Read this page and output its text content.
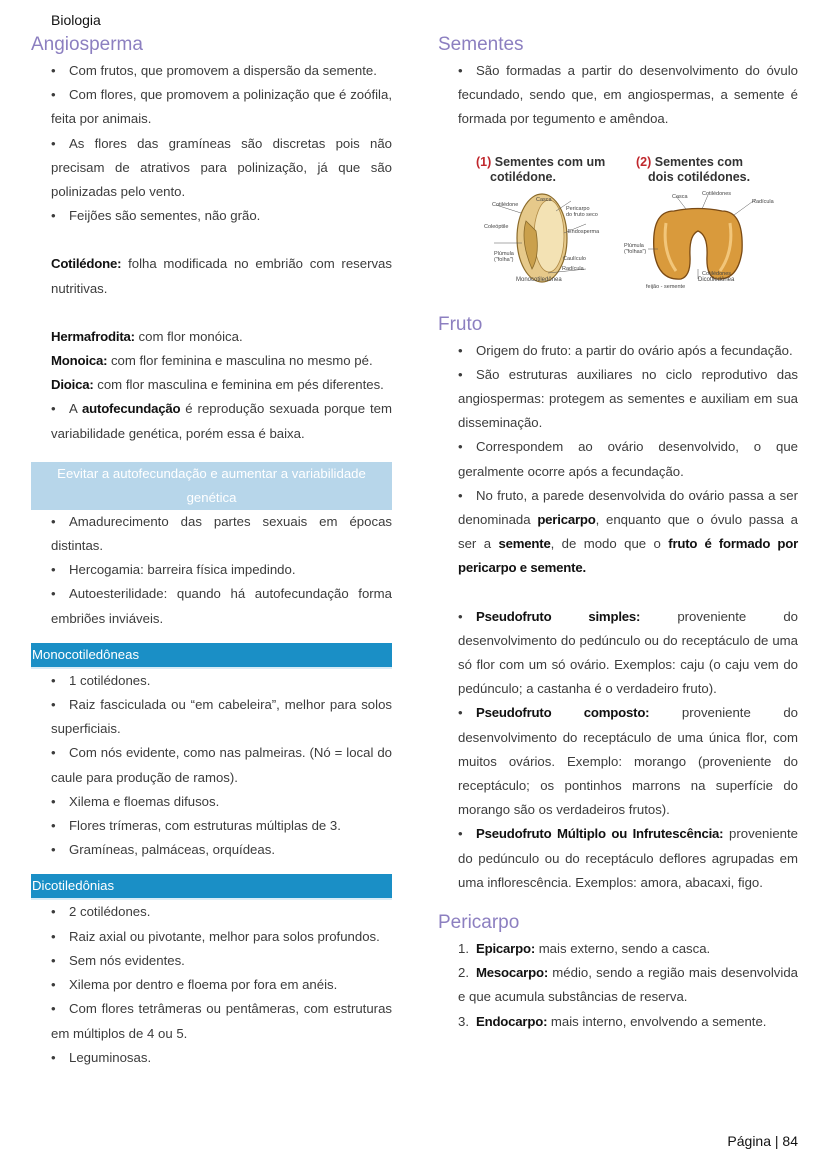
Biologia
Angiosperma

• Com frutos, que promovem a dispersão da semente.

• Com flores, que promovem a polinização que é zoófila, feita por animais.

• As flores das gramíneas são discretas pois não precisam de atrativos para polinização, já que são polinizadas pelo vento.

• Feijões são sementes, não grão.

Cotilédone: folha modificada no embrião com reservas nutritivas.

Hermafrodita: com flor monóica.

Monoica: com flor feminina e masculina no mesmo pé.

Dioica: com flor masculina e feminina em pés diferentes.

• A autofecundação é reprodução sexuada porque tem variabilidade genética, porém essa é baixa.

Eevitar a autofecundação e aumentar a variabilidade
genética

• Amadurecimento das partes sexuais em épocas distintas.

• Hercogamia: barreira física impedindo.

• Autoesterilidade: quando há autofecundação forma embriões inviáveis.

Monocotiledôneas

• 1 cotilédones.

• Raiz fasciculada ou “em cabeleira”, melhor para solos superficiais.

• Com nós evidente, como nas palmeiras. (Nó = local do caule para produção de ramos).

• Xilema e floemas difusos.

• Flores trímeras, com estruturas múltiplas de 3.

• Gramíneas, palmáceas, orquídeas.

Dicotiledônias

• 2 cotilédones.

• Raiz axial ou pivotante, melhor para solos profundos.

• Sem nós evidentes.

• Xilema por dentro e floema por fora em anéis.

• Com flores tetrâmeras ou pentâmeras, com estruturas em múltiplos de 4 ou 5.

• Leguminosas.

Sementes

• São formadas a partir do desenvolvimento do óvulo fecundado, sendo que, em angiospermas, a semente é formada por tegumento e amêndoa.

(1) Sementes com um
cotilédone.
(2) Sementes com
dois cotilédones.
Cotilédone
Casca
Pericarpo
do fruto seco
Endosperma
Coleóptile
Plúmula
("folha")	Caulículo
Radícula
Monocotiledônea
Casca	Cotilédones
Radícula
Plúmula
("folhas")
Cotilédones
Dicotiledônea
feijão - semente
Fruto

• Origem do fruto: a partir do ovário após a fecundação.

• São estruturas auxiliares no ciclo reprodutivo das angiospermas: protegem as sementes e auxiliam em sua disseminação.

• Correspondem ao ovário desenvolvido, o que geralmente ocorre após a fecundação.

• No fruto, a parede desenvolvida do ovário passa a ser denominada pericarpo, enquanto que o óvulo passa a ser a semente, de modo que o fruto é formado por pericarpo e semente.

• Pseudofruto simples: proveniente do desenvolvimento do pedúnculo ou do receptáculo de uma só flor com um só ovário. Exemplos: caju (o caju vem do pedúnculo; a castanha é o verdadeiro fruto).

• Pseudofruto composto: proveniente do desenvolvimento do receptáculo de uma única flor, com muitos ovários. Exemplo: morango (proveniente do receptáculo; os pontinhos marrons na superfície do morango são os verdadeiros frutos).

• Pseudofruto Múltiplo ou Infrutescência: proveniente do pedúnculo ou do receptáculo deflores agrupadas em uma inflorescência. Exemplos: amora, abacaxi, figo.

Pericarpo

1. Epicarpo: mais externo, sendo a casca.

2. Mesocarpo: médio, sendo a região mais desenvolvida e que acumula substâncias de reserva.

3. Endocarpo: mais interno, envolvendo a semente.

Página | 84
